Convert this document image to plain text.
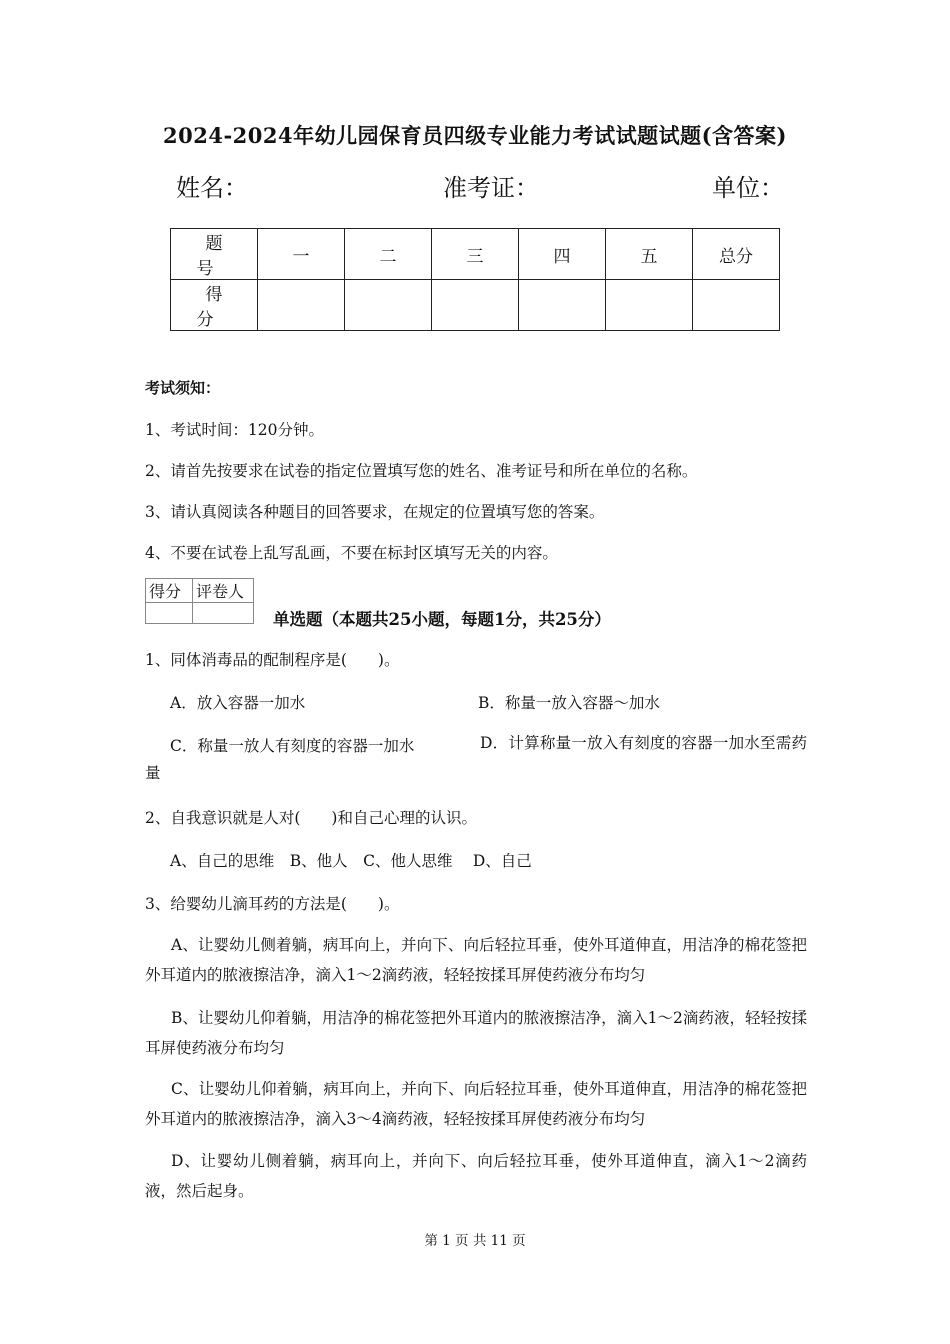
2024-2024年幼儿园保育员四级专业能力考试试题试题(含答案)
姓名：	准考证：	单位：
题 号	一	二	三	四	五	总分
得 分						
考试须知：
1、考试时间：120分钟。
2、请首先按要求在试卷的指定位置填写您的姓名、准考证号和所在单位的名称。
3、请认真阅读各种题目的回答要求，在规定的位置填写您的答案。
4、不要在试卷上乱写乱画，不要在标封区填写无关的内容。
得分	评卷人

单选题（本题共25小题，每题1分，共25分）
1、同体消毒品的配制程序是(　　)。
A．放入容器一加水	B．称量一放入容器～加水
C．称量一放人有刻度的容器一加水	D．计算称量一放入有刻度的容器一加水至需药量
2、自我意识就是人对(　　)和自己心理的认识。
A、自己的思维　B、他人　C、他人思维　 D、自己
3、给婴幼儿滴耳药的方法是(　　)。
A、让婴幼儿侧着躺，病耳向上，并向下、向后轻拉耳垂，使外耳道伸直，用洁净的棉花签把外耳道内的脓液擦洁净，滴入1～2滴药液，轻轻按揉耳屏使药液分布均匀
B、让婴幼儿仰着躺，用洁净的棉花签把外耳道内的脓液擦洁净，滴入1～2滴药液，轻轻按揉耳屏使药液分布均匀
C、让婴幼儿仰着躺，病耳向上，并向下、向后轻拉耳垂，使外耳道伸直，用洁净的棉花签把外耳道内的脓液擦洁净，滴入3～4滴药液，轻轻按揉耳屏使药液分布均匀
D、让婴幼儿侧着躺，病耳向上，并向下、向后轻拉耳垂，使外耳道伸直，滴入1～2滴药液，然后起身。
第 1 页 共 11 页
